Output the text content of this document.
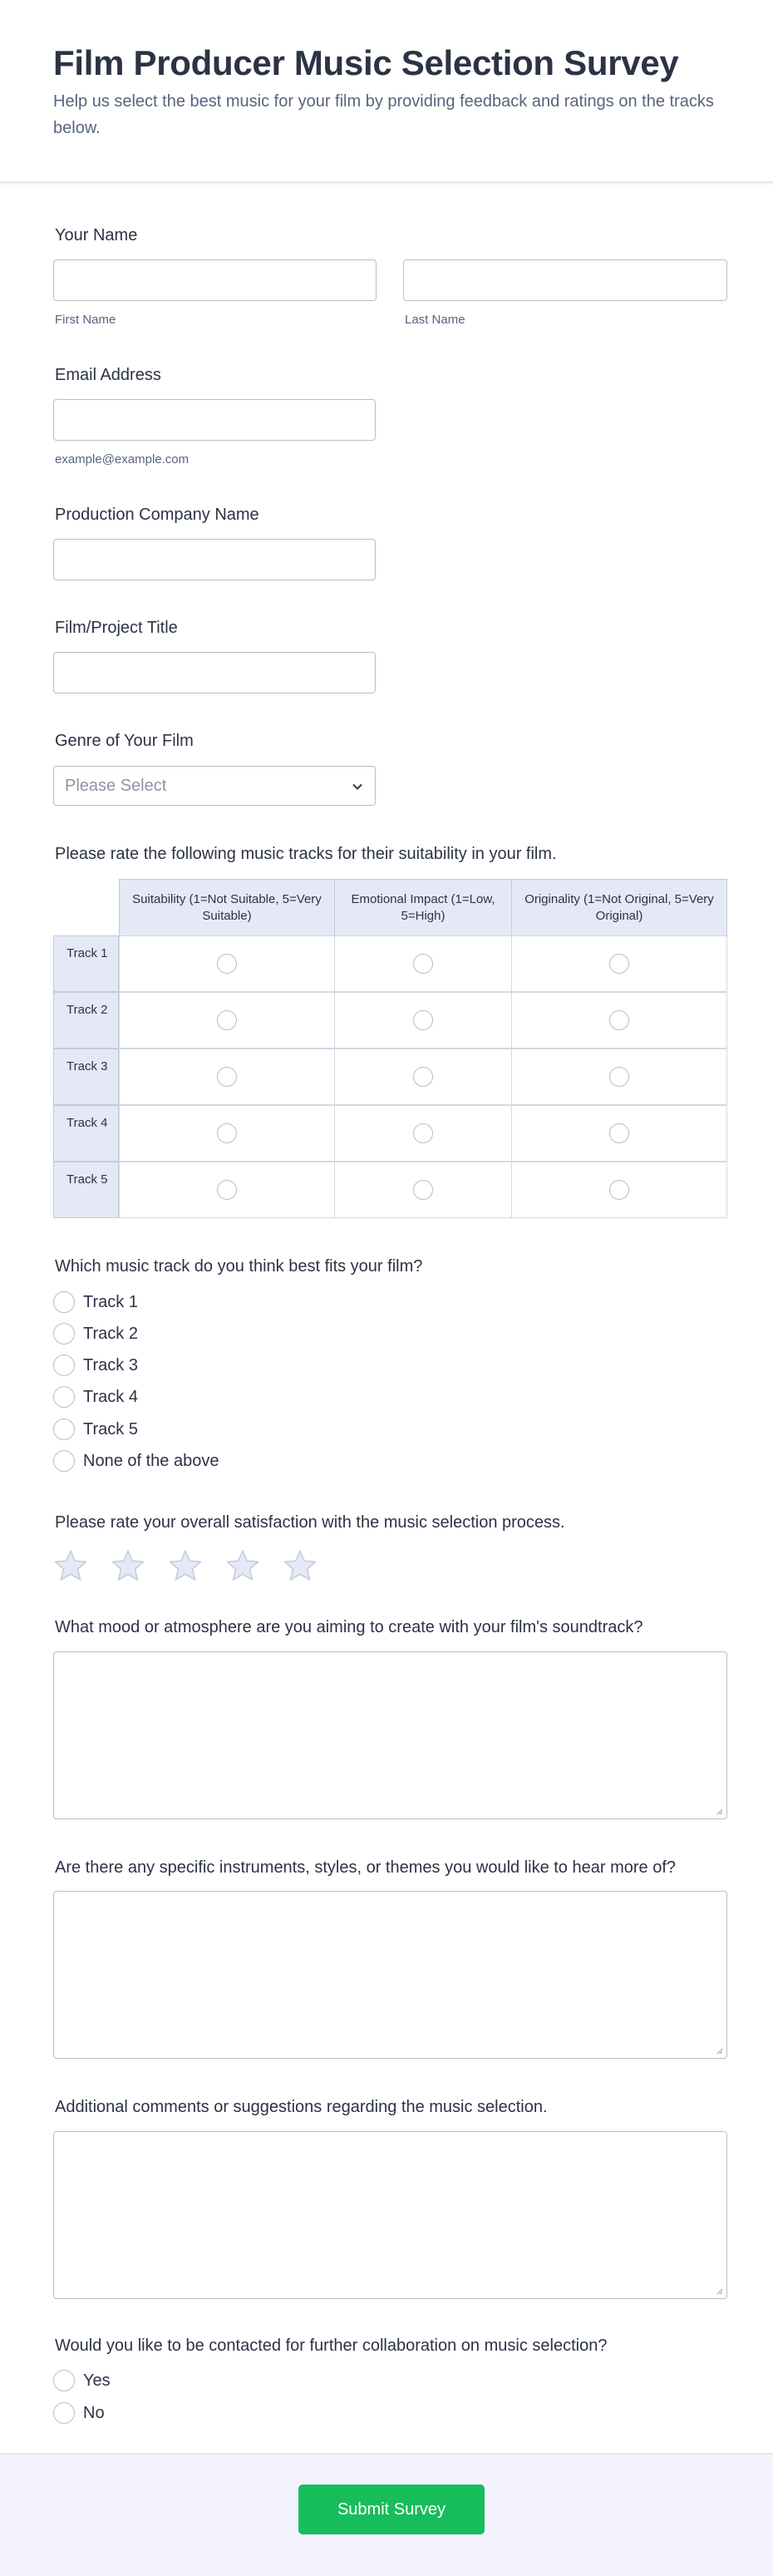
Film Producer Music Selection Survey
Help us select the best music for your film by providing feedback and ratings on the tracks below.
Your Name
First Name	Last Name
Email Address
example@example.com
Production Company Name
Film/Project Title
Genre of Your Film
Please Select
Please rate the following music tracks for their suitability in your film.
Suitability (1=Not Suitable, 5=Very Suitable)
Emotional Impact (1=Low, 5=High)
Originality (1=Not Original, 5=Very Original)
Track 1
Track 2
Track 3
Track 4
Track 5
Which music track do you think best fits your film?
Track 1
Track 2
Track 3
Track 4
Track 5
None of the above
Please rate your overall satisfaction with the music selection process.
What mood or atmosphere are you aiming to create with your film's soundtrack?
Are there any specific instruments, styles, or themes you would like to hear more of?
Additional comments or suggestions regarding the music selection.
Would you like to be contacted for further collaboration on music selection?
Yes
No
Submit Survey
